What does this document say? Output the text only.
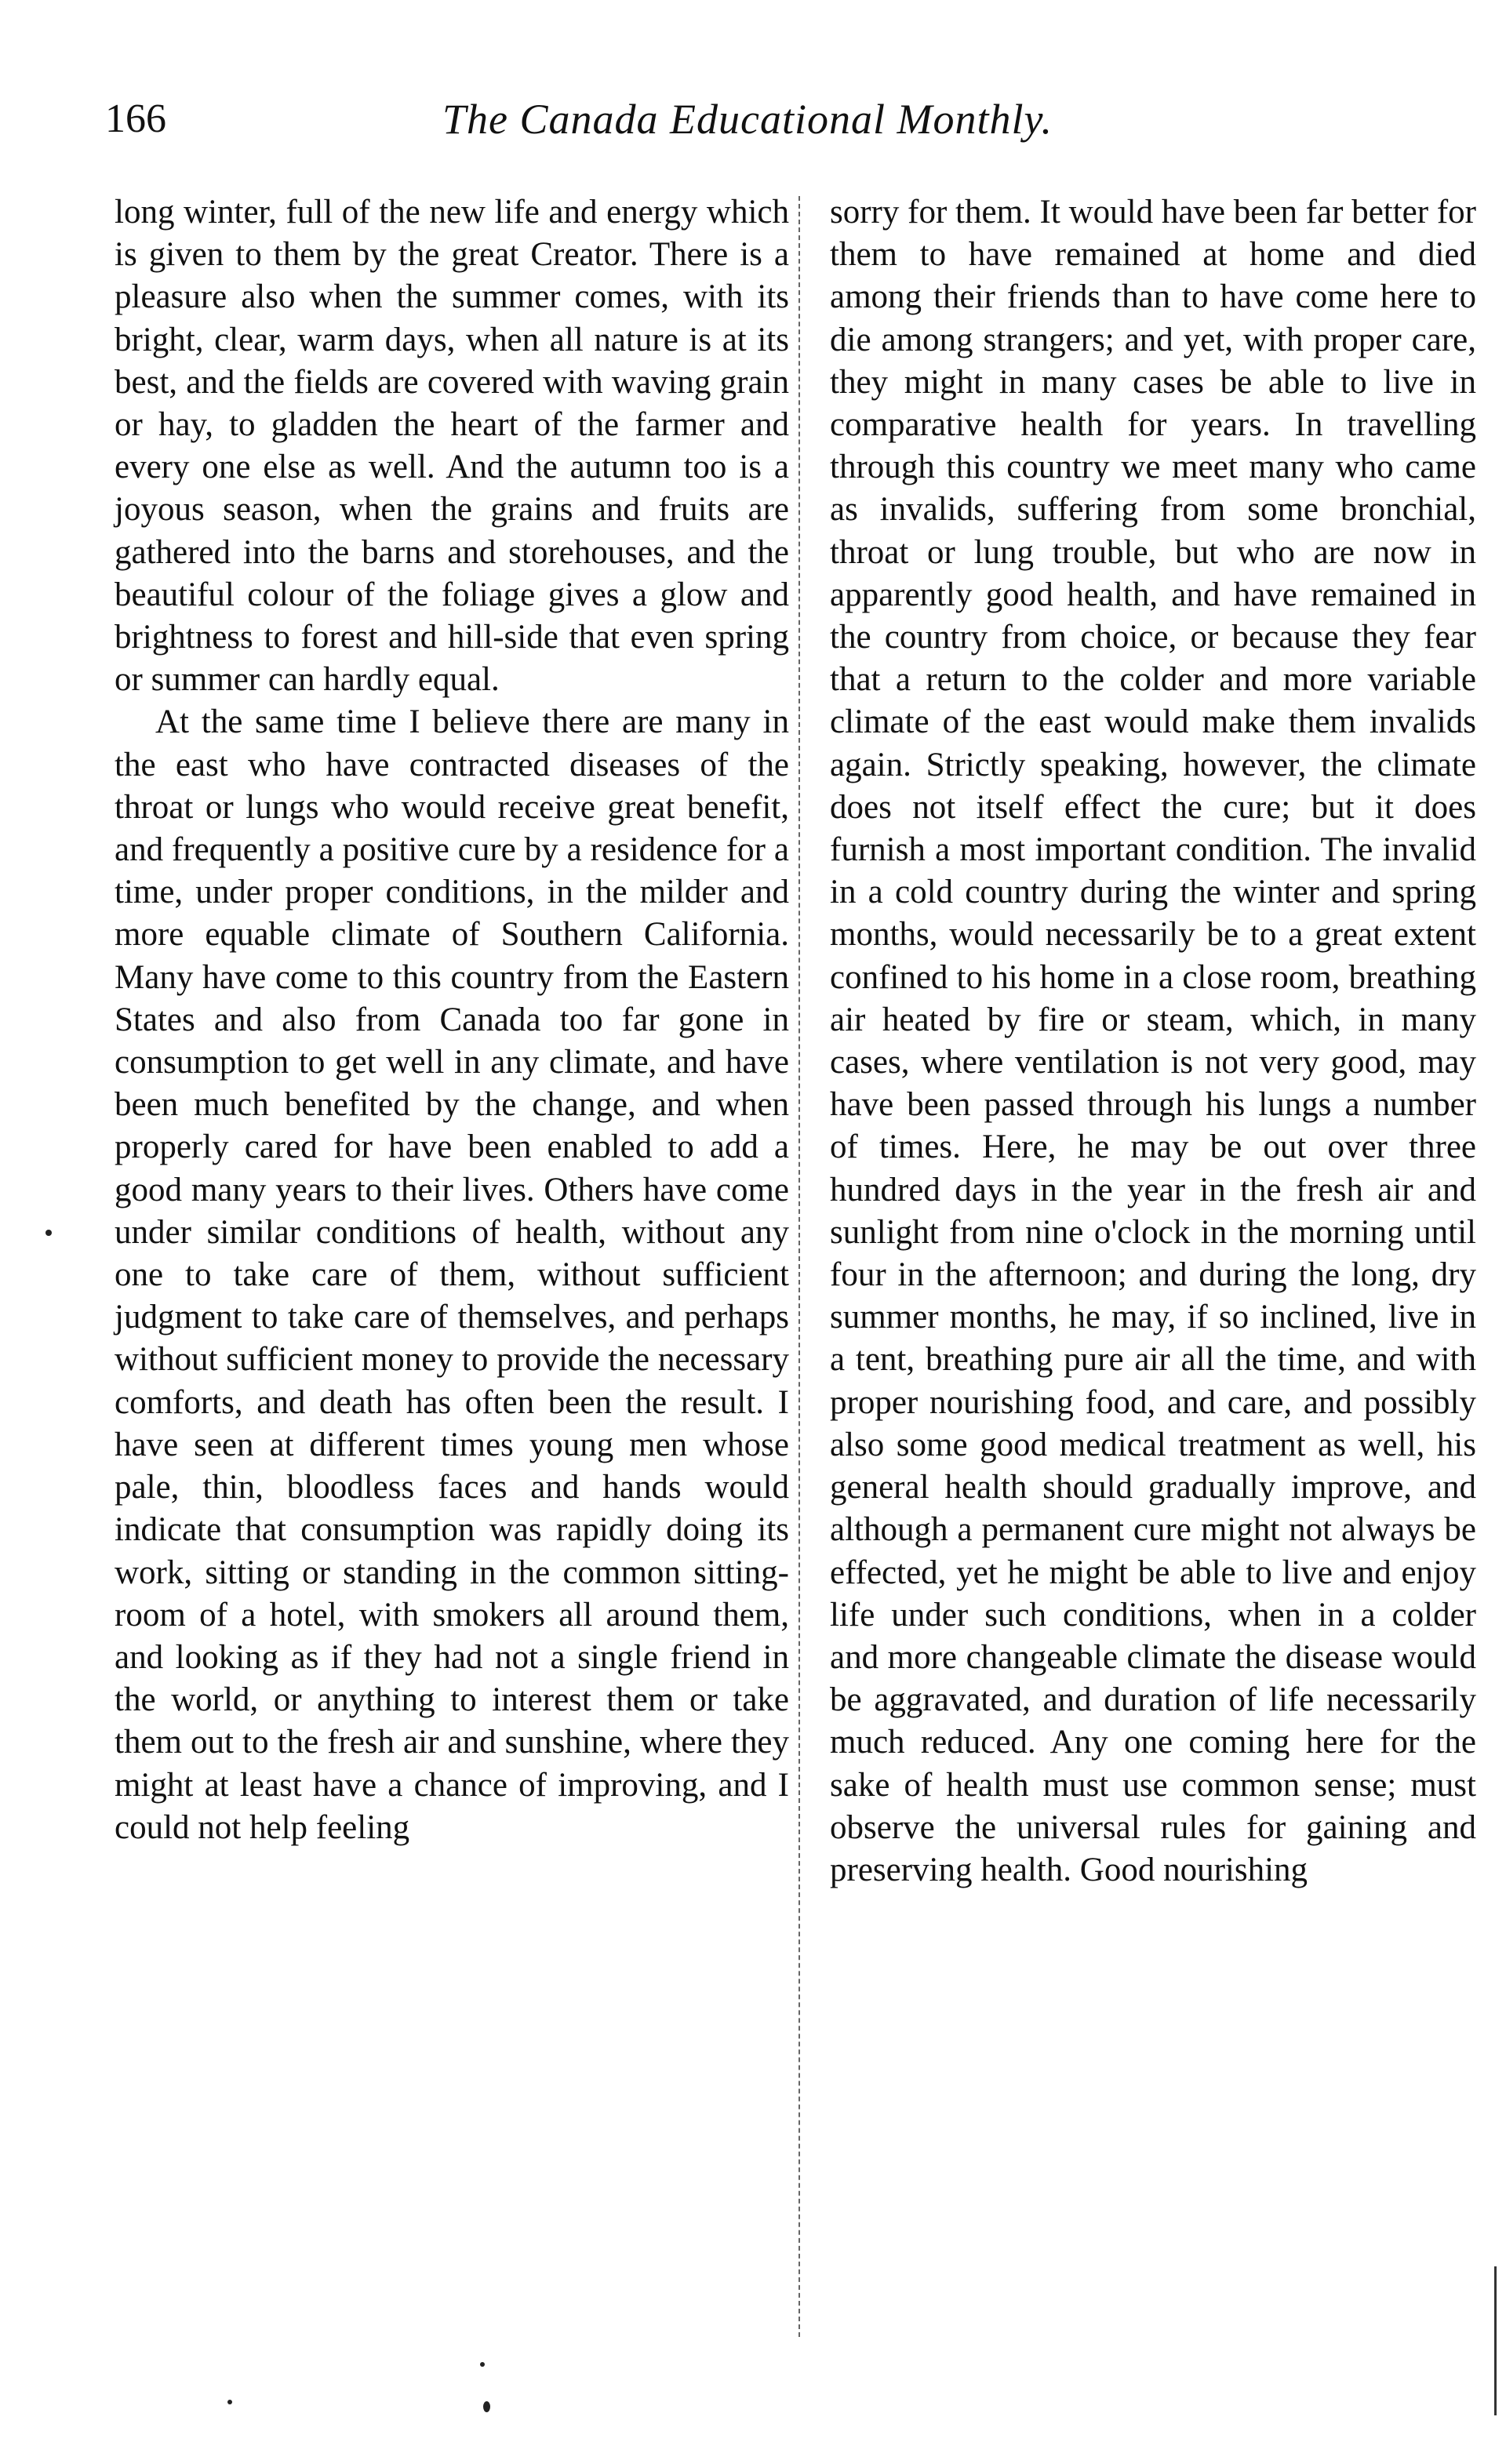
166	The Canada Educational Monthly.

long winter, full of the new life and energy which is given to them by the great Creator. There is a pleasure also when the summer comes, with its bright, clear, warm days, when all nature is at its best, and the fields are covered with waving grain or hay, to gladden the heart of the farmer and every one else as well. And the autumn too is a joyous season, when the grains and fruits are gathered into the barns and storehouses, and the beautiful colour of the foliage gives a glow and brightness to forest and hill-side that even spring or summer can hardly equal.

At the same time I believe there are many in the east who have contracted diseases of the throat or lungs who would receive great benefit, and frequently a positive cure by a residence for a time, under proper conditions, in the milder and more equable climate of Southern California. Many have come to this country from the Eastern States and also from Canada too far gone in consumption to get well in any climate, and have been much benefited by the change, and when properly cared for have been enabled to add a good many years to their lives. Others have come under similar conditions of health, without any one to take care of them, without sufficient judgment to take care of themselves, and perhaps without sufficient money to provide the necessary comforts, and death has often been the result. I have seen at different times young men whose pale, thin, bloodless faces and hands would indicate that consumption was rapidly doing its work, sitting or standing in the common sitting-room of a hotel, with smokers all around them, and looking as if they had not a single friend in the world, or anything to interest them or take them out to the fresh air and sunshine, where they might at least have a chance of improving, and I could not help feeling

sorry for them. It would have been far better for them to have remained at home and died among their friends than to have come here to die among strangers; and yet, with proper care, they might in many cases be able to live in comparative health for years. In travelling through this country we meet many who came as invalids, suffering from some bronchial, throat or lung trouble, but who are now in apparently good health, and have remained in the country from choice, or because they fear that a return to the colder and more variable climate of the east would make them invalids again. Strictly speaking, however, the climate does not itself effect the cure; but it does furnish a most important condition. The invalid in a cold country during the winter and spring months, would necessarily be to a great extent confined to his home in a close room, breathing air heated by fire or steam, which, in many cases, where ventilation is not very good, may have been passed through his lungs a number of times. Here, he may be out over three hundred days in the year in the fresh air and sunlight from nine o'clock in the morning until four in the afternoon; and during the long, dry summer months, he may, if so inclined, live in a tent, breathing pure air all the time, and with proper nourishing food, and care, and possibly also some good medical treatment as well, his general health should gradually improve, and although a permanent cure might not always be effected, yet he might be able to live and enjoy life under such conditions, when in a colder and more changeable climate the disease would be aggravated, and duration of life necessarily much reduced. Any one coming here for the sake of health must use common sense; must observe the universal rules for gaining and preserving health. Good nourishing
